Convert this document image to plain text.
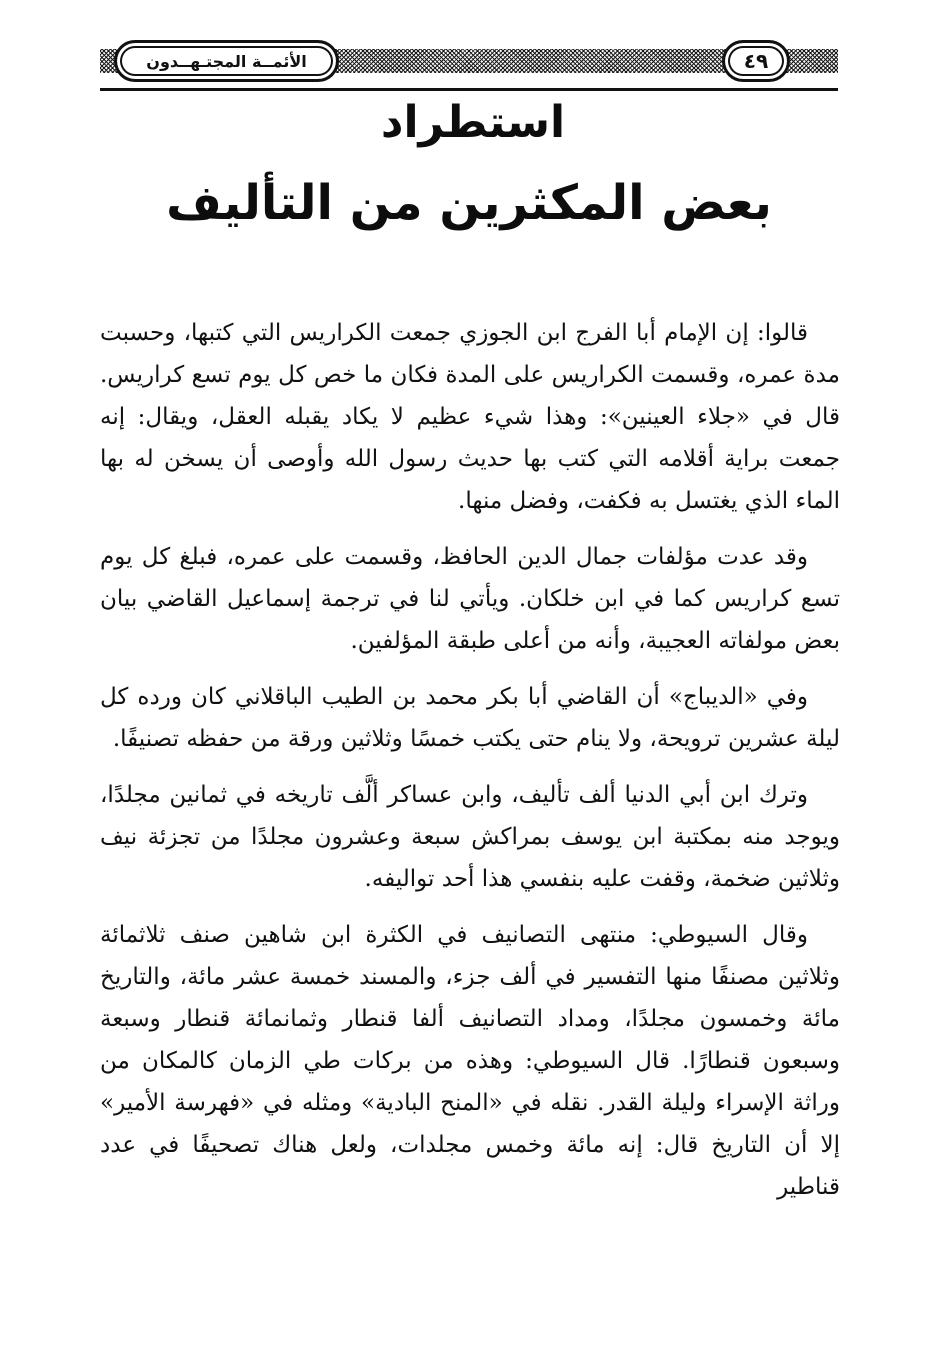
الأئمــة المجتـهــدون	٤٩
استطراد
بعض المكثرين من التأليف

قالوا: إن الإمام أبا الفرج ابن الجوزي جمعت الكراريس التي كتبها، وحسبت مدة عمره، وقسمت الكراريس على المدة فكان ما خص كل يوم تسع كراريس. قال في «جلاء العينين»: وهذا شيء عظيم لا يكاد يقبله العقل، ويقال: إنه جمعت براية أقلامه التي كتب بها حديث رسول الله وأوصى أن يسخن له بها الماء الذي يغتسل به فكفت، وفضل منها.

وقد عدت مؤلفات جمال الدين الحافظ، وقسمت على عمره، فبلغ كل يوم تسع كراريس كما في ابن خلكان. ويأتي لنا في ترجمة إسماعيل القاضي بيان بعض مولفاته العجيبة، وأنه من أعلى طبقة المؤلفين.

وفي «الديباج» أن القاضي أبا بكر محمد بن الطيب الباقلاني كان ورده كل ليلة عشرين ترويحة، ولا ينام حتى يكتب خمسًا وثلاثين ورقة من حفظه تصنيفًا.

وترك ابن أبي الدنيا ألف تأليف، وابن عساكر ألَّف تاريخه في ثمانين مجلدًا، ويوجد منه بمكتبة ابن يوسف بمراكش سبعة وعشرون مجلدًا من تجزئة نيف وثلاثين ضخمة، وقفت عليه بنفسي هذا أحد تواليفه.

وقال السيوطي: منتهى التصانيف في الكثرة ابن شاهين صنف ثلاثمائة وثلاثين مصنفًا منها التفسير في ألف جزء، والمسند خمسة عشر مائة، والتاريخ مائة وخمسون مجلدًا، ومداد التصانيف ألفا قنطار وثمانمائة قنطار وسبعة وسبعون قنطارًا. قال السيوطي: وهذه من بركات طي الزمان كالمكان من وراثة الإسراء وليلة القدر. نقله في «المنح البادية» ومثله في «فهرسة الأمير» إلا أن التاريخ قال: إنه مائة وخمس مجلدات، ولعل هناك تصحيفًا في عدد قناطير
